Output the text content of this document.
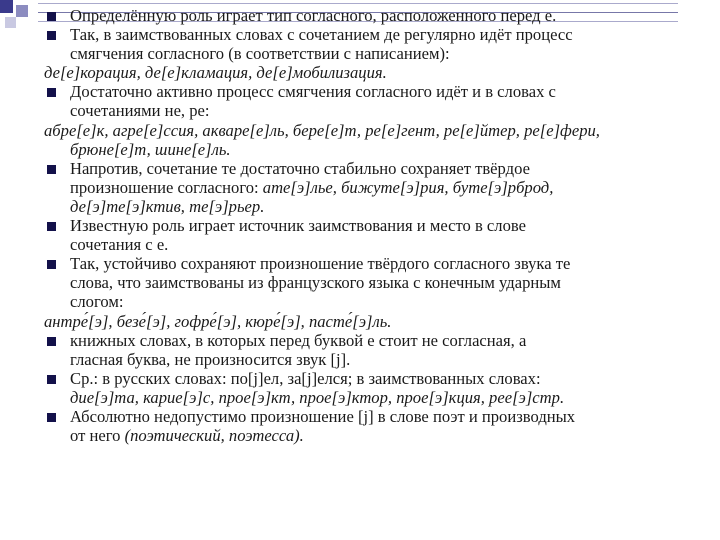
Определённую роль играет тип согласного, расположенного перед е.
Так, в заимствованных словах с сочетанием де регулярно идёт процесс
смягчения согласного (в соответствии с написанием):
де[е]корация, де[е]кламация, де[е]мобилизация.
Достаточно активно процесс смягчения согласного идёт и в словах с
сочетаниями не, ре:
абре[е]к, агре[е]ссия, акваре[е]ль, бере[е]т, ре[е]гент, ре[е]йтер, ре[е]фери,
брюне[е]т, шине[е]ль.
Напротив, сочетание те достаточно стабильно сохраняет твёрдое
произношение согласного: ате[э]лье, бижуте[э]рия, буте[э]рброд,
де[э]те[э]ктив, те[э]рьер.
Известную роль играет источник заимствования и место в слове
сочетания с е.
Так, устойчиво сохраняют произношение твёрдого согласного звука те
слова, что заимствованы из французского языка с конечным ударным
слогом:
антре́[э], безе́[э], гофре́[э], кюре́[э], пасте́[э]ль.
книжных словах, в которых перед буквой е стоит не согласная, а
гласная буква, не произносится звук [j].
Ср.: в русских словах: по[j]ел, за[j]елся; в заимствованных словах:
дие[э]та, карие[э]с, прое[э]кт, прое[э]ктор, прое[э]кция, рее[э]стр.
Абсолютно недопустимо произношение [j] в слове поэт и производных
от него (поэтический, поэтесса).
